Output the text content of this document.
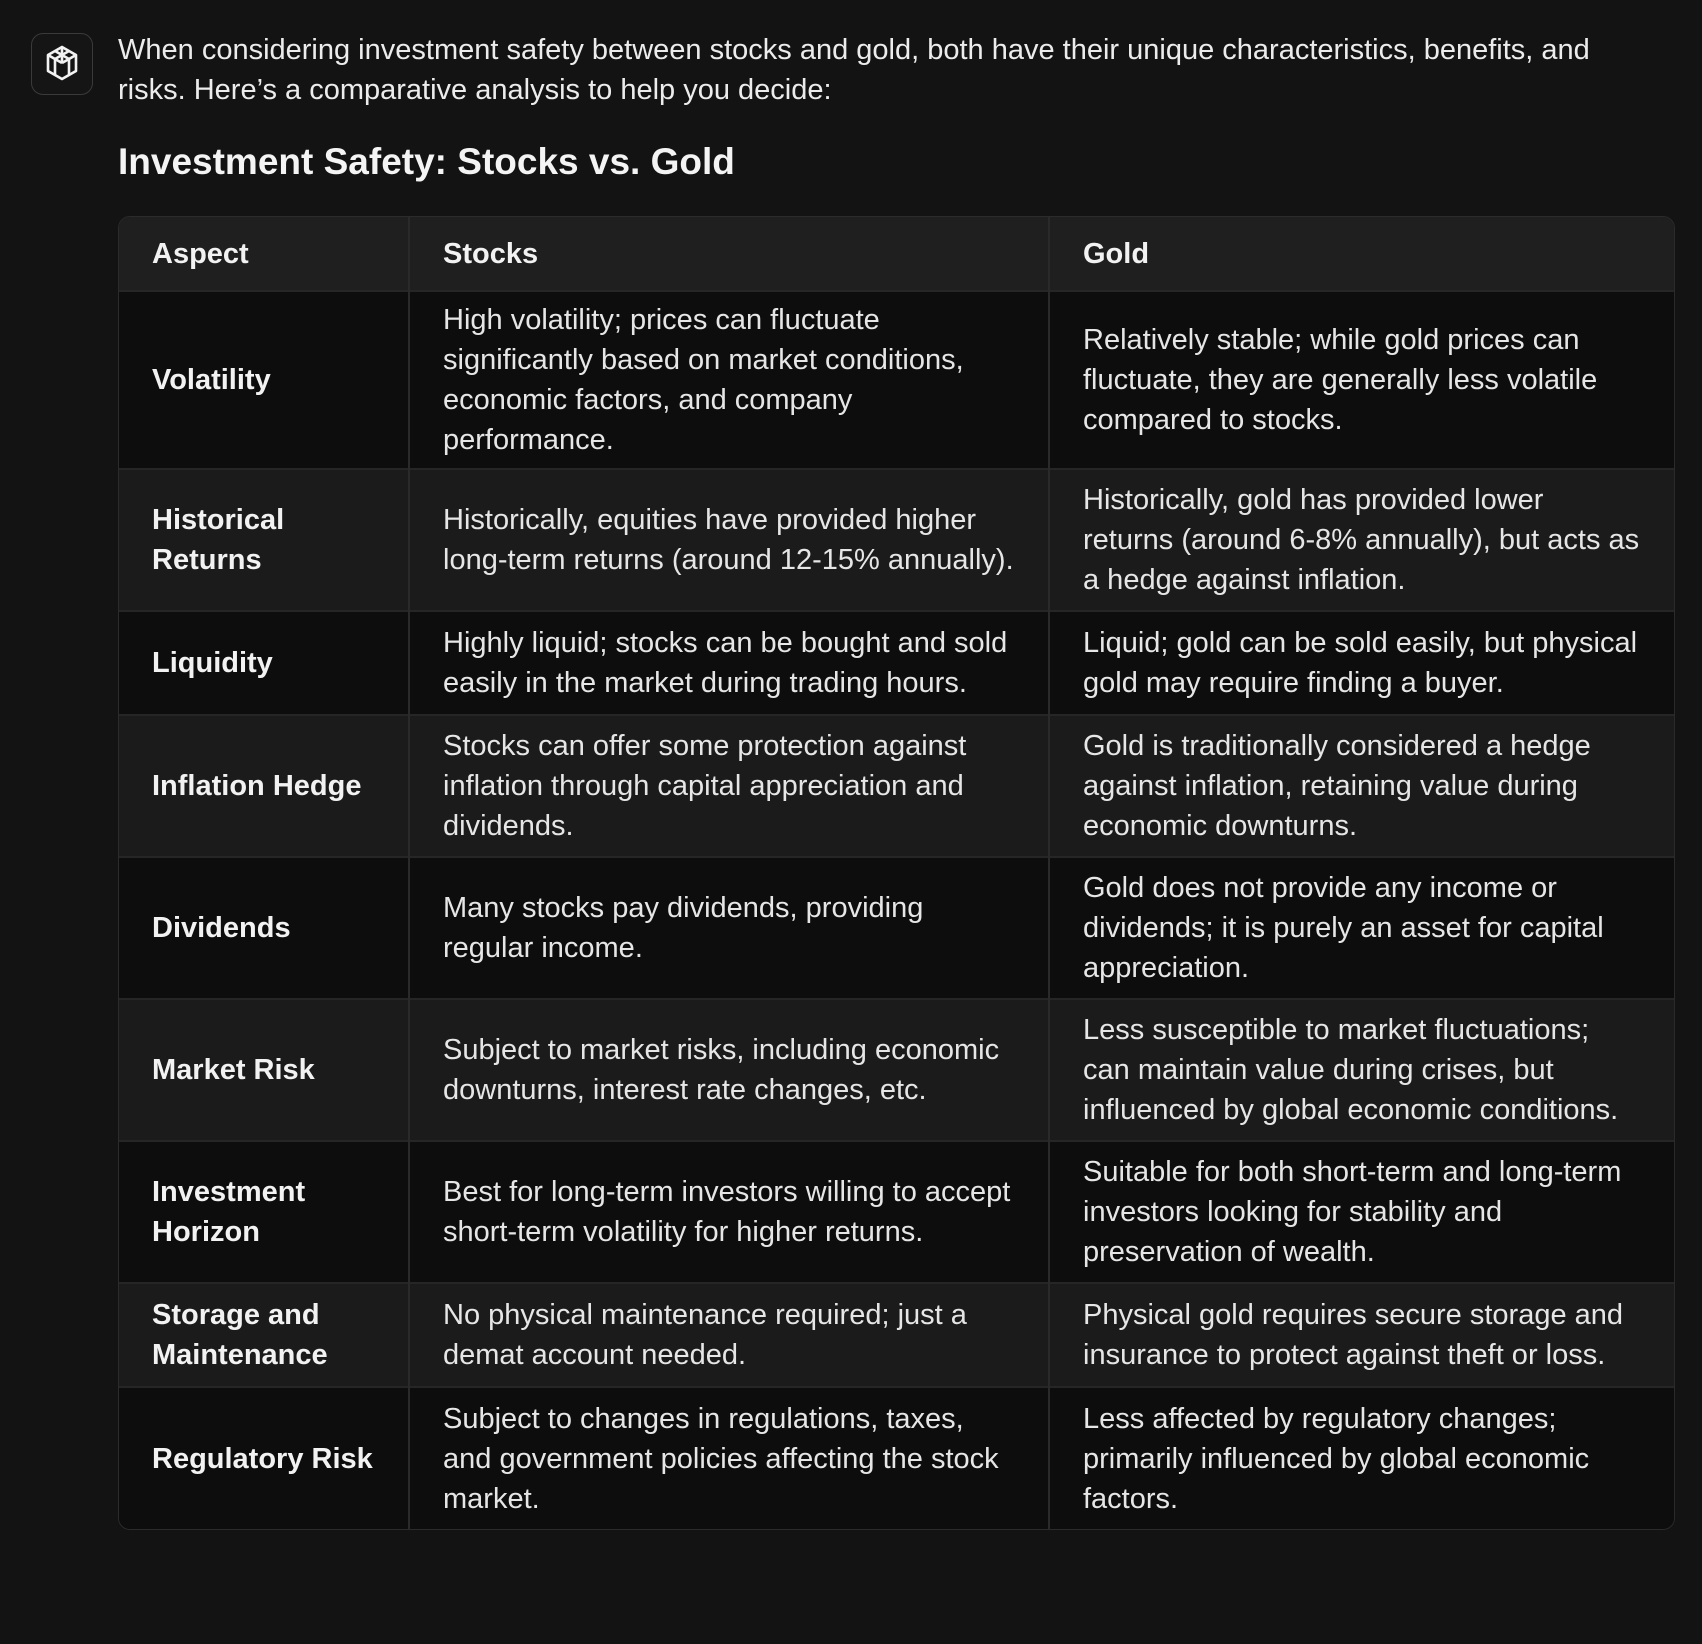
When considering investment safety between stocks and gold, both have their unique characteristics, benefits, and risks. Here’s a comparative analysis to help you decide:

Investment Safety: Stocks vs. Gold
Aspect	Stocks	Gold
Volatility	High volatility; prices can fluctuate significantly based on market conditions, economic factors, and company performance.	Relatively stable; while gold prices can fluctuate, they are generally less volatile compared to stocks.
Historical Returns	Historically, equities have provided higher long-term returns (around 12-15% annually).	Historically, gold has provided lower returns (around 6-8% annually), but acts as a hedge against inflation.
Liquidity	Highly liquid; stocks can be bought and sold easily in the market during trading hours.	Liquid; gold can be sold easily, but physical gold may require finding a buyer.
Inflation Hedge	Stocks can offer some protection against inflation through capital appreciation and dividends.	Gold is traditionally considered a hedge against inflation, retaining value during economic downturns.
Dividends	Many stocks pay dividends, providing regular income.	Gold does not provide any income or dividends; it is purely an asset for capital appreciation.
Market Risk	Subject to market risks, including economic downturns, interest rate changes, etc.	Less susceptible to market fluctuations; can maintain value during crises, but influenced by global economic conditions.
Investment Horizon	Best for long-term investors willing to accept short-term volatility for higher returns.	Suitable for both short-term and long-term investors looking for stability and preservation of wealth.
Storage and Maintenance	No physical maintenance required; just a demat account needed.	Physical gold requires secure storage and insurance to protect against theft or loss.
Regulatory Risk	Subject to changes in regulations, taxes, and government policies affecting the stock market.	Less affected by regulatory changes; primarily influenced by global economic factors.
